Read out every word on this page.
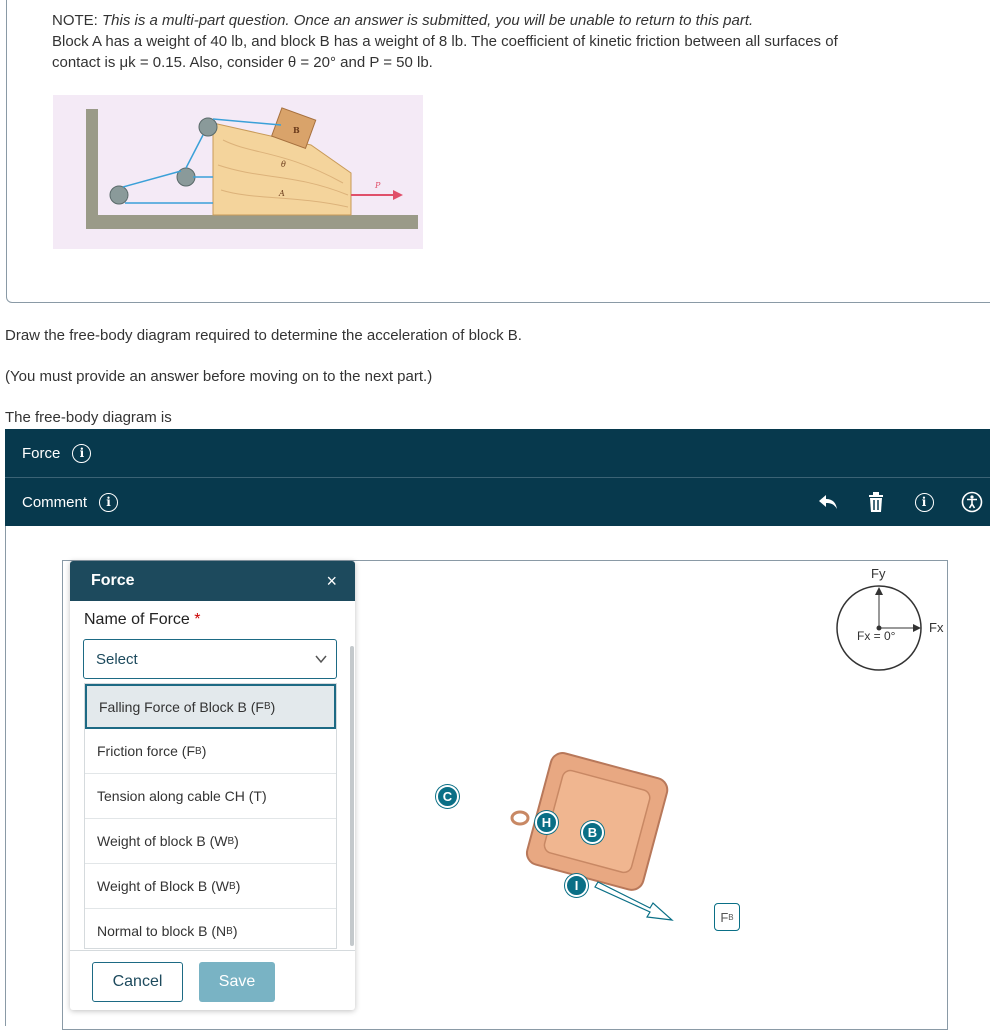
NOTE: This is a multi-part question. Once an answer is submitted, you will be unable to return to this part.
Block A has a weight of 40 lb, and block B has a weight of 8 lb. The coefficient of kinetic friction between all surfaces of
contact is μk = 0.15. Also, consider θ = 20° and P = 50 lb.
B
A
θ
P
Draw the free-body diagram required to determine the acceleration of block B.
(You must provide an answer before moving on to the next part.)
The free-body diagram is
Force	i
Comment	i	i
C
H
B
I
F B
Fy
Fx
Fx = 0°
Force	×
Name of Force *
Select
Falling Force of Block B (F B )
Friction force (F B )
Tension along cable CH (T)
Weight of block B (W B )
Weight of Block B (W B )
Normal to block B (N B )
Cancel	Save
